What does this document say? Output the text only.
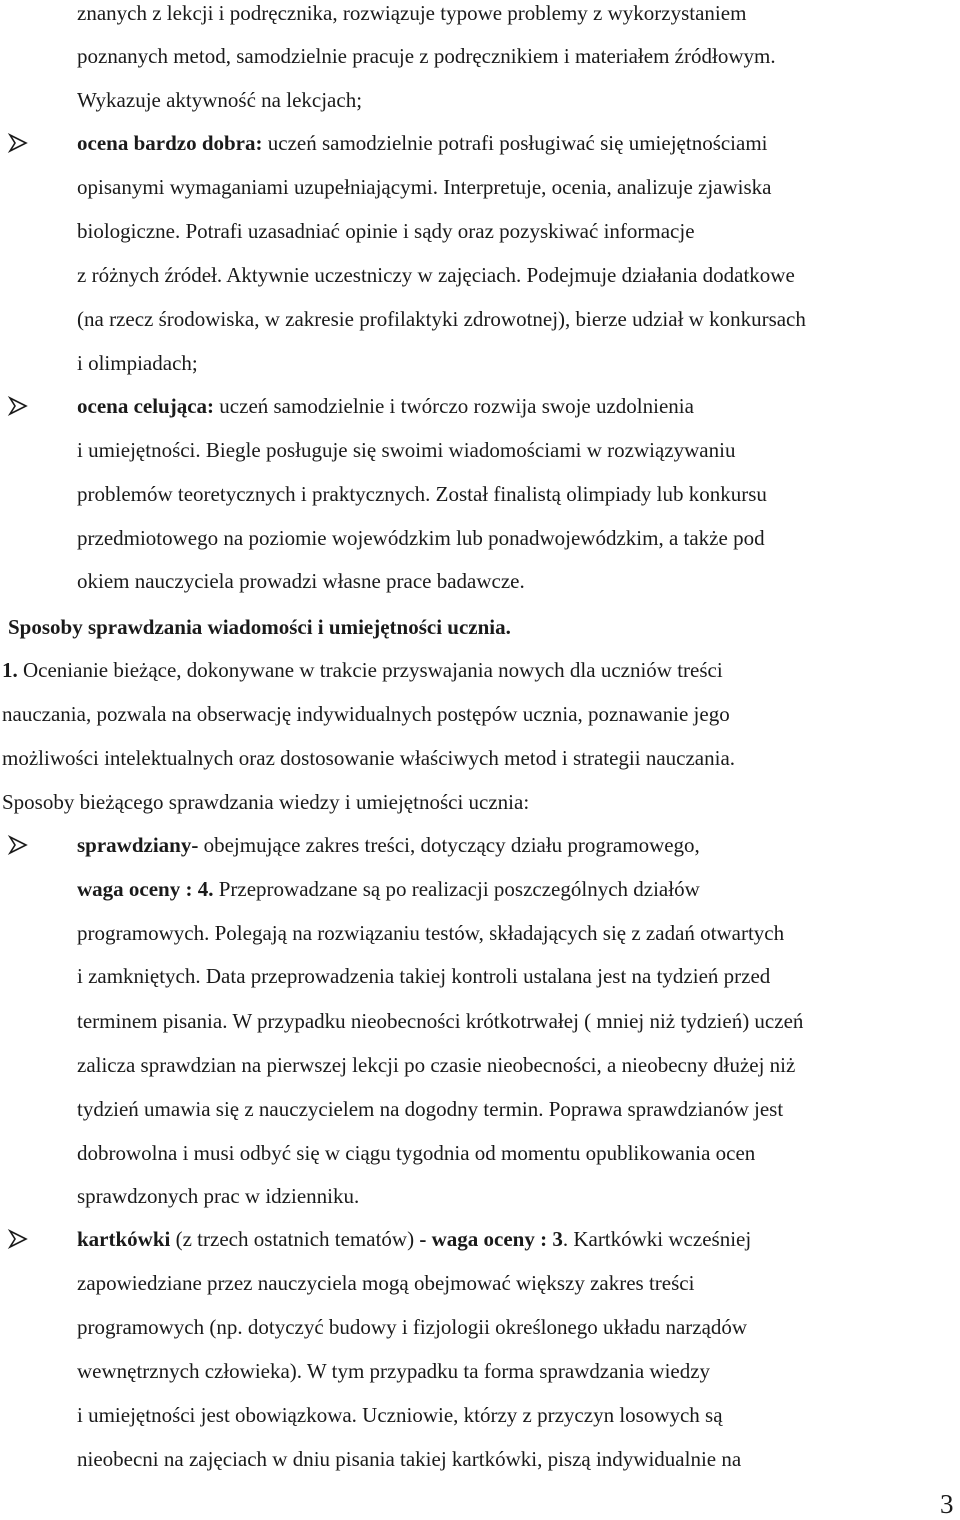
znanych z lekcji i podręcznika, rozwiązuje typowe problemy z wykorzystaniem
poznanych metod, samodzielnie pracuje z podręcznikiem i materiałem źródłowym.
Wykazuje aktywność na lekcjach;
ocena bardzo dobra: uczeń samodzielnie potrafi posługiwać się umiejętnościami
opisanymi wymaganiami uzupełniającymi. Interpretuje, ocenia, analizuje zjawiska
biologiczne. Potrafi uzasadniać opinie i sądy oraz pozyskiwać informacje
z różnych źródeł. Aktywnie uczestniczy w zajęciach. Podejmuje działania dodatkowe
(na rzecz środowiska, w zakresie profilaktyki zdrowotnej), bierze udział w konkursach
i olimpiadach;
ocena celująca: uczeń samodzielnie i twórczo rozwija swoje uzdolnienia
i umiejętności. Biegle posługuje się swoimi wiadomościami w rozwiązywaniu
problemów teoretycznych i praktycznych. Został finalistą olimpiady lub konkursu
przedmiotowego na poziomie wojewódzkim lub ponadwojewódzkim, a także pod
okiem nauczyciela prowadzi własne prace badawcze.
Sposoby sprawdzania wiadomości i umiejętności ucznia.
1. Ocenianie bieżące, dokonywane w trakcie przyswajania nowych dla uczniów treści
nauczania, pozwala na obserwację indywidualnych postępów ucznia, poznawanie jego
możliwości intelektualnych oraz dostosowanie właściwych metod i strategii nauczania.
Sposoby bieżącego sprawdzania wiedzy i umiejętności ucznia:
sprawdziany- obejmujące zakres treści, dotyczący działu programowego,
waga oceny : 4. Przeprowadzane są po realizacji poszczególnych działów
programowych. Polegają na rozwiązaniu testów, składających się z zadań otwartych
i zamkniętych. Data przeprowadzenia takiej kontroli ustalana jest na tydzień przed
terminem pisania. W przypadku nieobecności krótkotrwałej ( mniej niż tydzień) uczeń
zalicza sprawdzian na pierwszej lekcji po czasie nieobecności, a nieobecny dłużej niż
tydzień umawia się z nauczycielem na dogodny termin. Poprawa sprawdzianów jest
dobrowolna i musi odbyć się w ciągu tygodnia od momentu opublikowania ocen
sprawdzonych prac w idzienniku.
kartkówki (z trzech ostatnich tematów) - waga oceny : 3. Kartkówki wcześniej
zapowiedziane przez nauczyciela mogą obejmować większy zakres treści
programowych (np. dotyczyć budowy i fizjologii określonego układu narządów
wewnętrznych człowieka). W tym przypadku ta forma sprawdzania wiedzy
i umiejętności jest obowiązkowa. Uczniowie, którzy z przyczyn losowych są
nieobecni na zajęciach w dniu pisania takiej kartkówki, piszą indywidualnie na
3
